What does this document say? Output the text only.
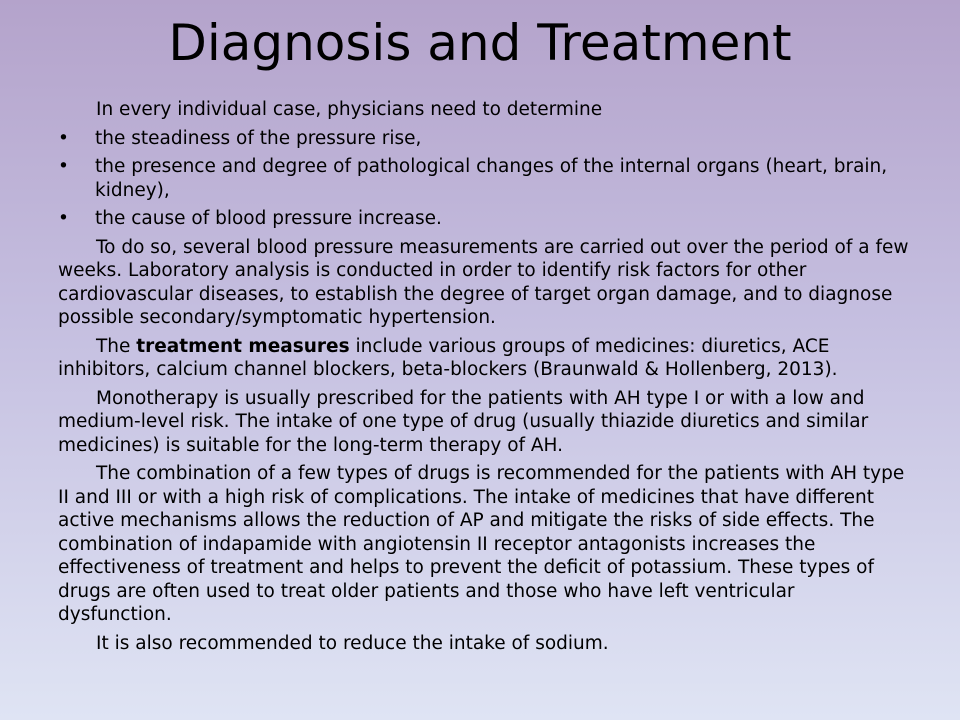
Diagnosis and Treatment

In every individual case, physicians need to determine

•	the steadiness of the pressure rise,
•	the presence and degree of pathological changes of the internal organs (heart, brain, kidney),
•	the cause of blood pressure increase.

To do so, several blood pressure measurements are carried out over the period of a few weeks. Laboratory analysis is conducted in order to identify risk factors for other cardiovascular diseases, to establish the degree of target organ damage, and to diagnose possible secondary/symptomatic hypertension.

The treatment measures include various groups of medicines: diuretics, ACE inhibitors, calcium channel blockers, beta-blockers (Braunwald & Hollenberg, 2013).

Monotherapy is usually prescribed for the patients with AH type I or with a low and medium-level risk. The intake of one type of drug (usually thiazide diuretics and similar medicines) is suitable for the long-term therapy of AH.

The combination of a few types of drugs is recommended for the patients with AH type II and III or with a high risk of complications. The intake of medicines that have different active mechanisms allows the reduction of AP and mitigate the risks of side effects. The combination of indapamide with angiotensin II receptor antagonists increases the effectiveness of treatment and helps to prevent the deficit of potassium. These types of drugs are often used to treat older patients and those who have left ventricular dysfunction.

It is also recommended to reduce the intake of sodium.
